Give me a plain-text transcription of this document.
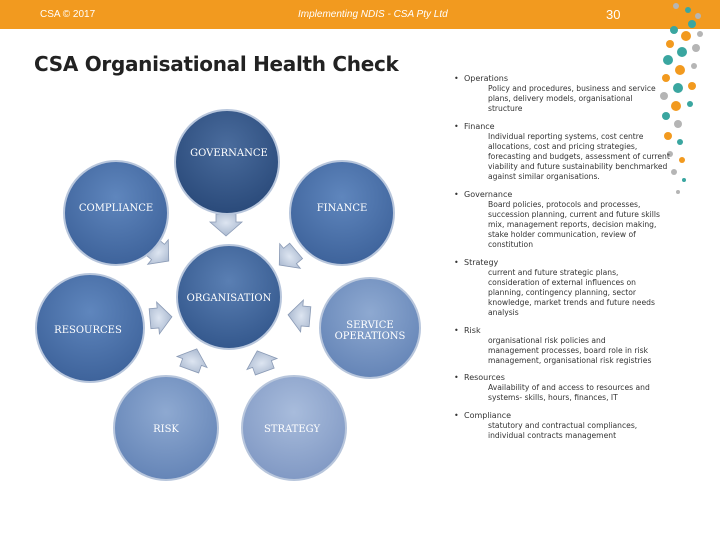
CSA © 2017	Implementing NDIS - CSA Pty Ltd	30
CSA Organisational Health Check
GOVERNANCE
COMPLIANCE	FINANCE
ORGANISATION
RESOURCES	SERVICE
OPERATIONS
RISK	STRATEGY
• Operations
Policy and procedures, business and service
plans, delivery models, organisational
structure
• Finance
Individual reporting systems, cost centre
allocations, cost and pricing strategies,
forecasting and budgets, assessment of current
viability and future sustainability benchmarked
against similar organisations.
• Governance
Board policies, protocols and processes,
succession planning, current and future skills
mix, management reports, decision making,
stake holder communication, review of
constitution
• Strategy
current and future strategic plans,
consideration of external influences on
planning, contingency planning, sector
knowledge, market trends and future needs
analysis
• Risk
organisational risk policies and
management processes, board role in risk
management, organisational risk registries
• Resources
Availability of and access to resources and
systems- skills, hours, finances, IT
• Compliance
statutory and contractual compliances,
individual contracts management
